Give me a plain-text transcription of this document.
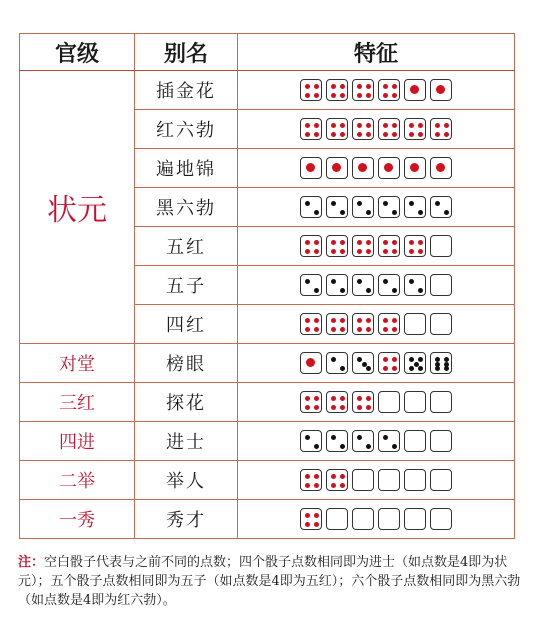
官级	别名	特征
状元	插金花	

	红六勃	

	遍地锦	

	黑六勃	

	五红	

	五子	

	四红	

对堂	榜眼	

三红	探花	

四进	进士	

二举	举人	

一秀	秀才	

注：空白骰子代表与之前不同的点数；四个骰子点数相同即为进士（如点数是4即为状元）；五个骰子点数相同即为五子（如点数是4即为五红）；六个骰子点数相同即为黑六勃（如点数是4即为红六勃）。
